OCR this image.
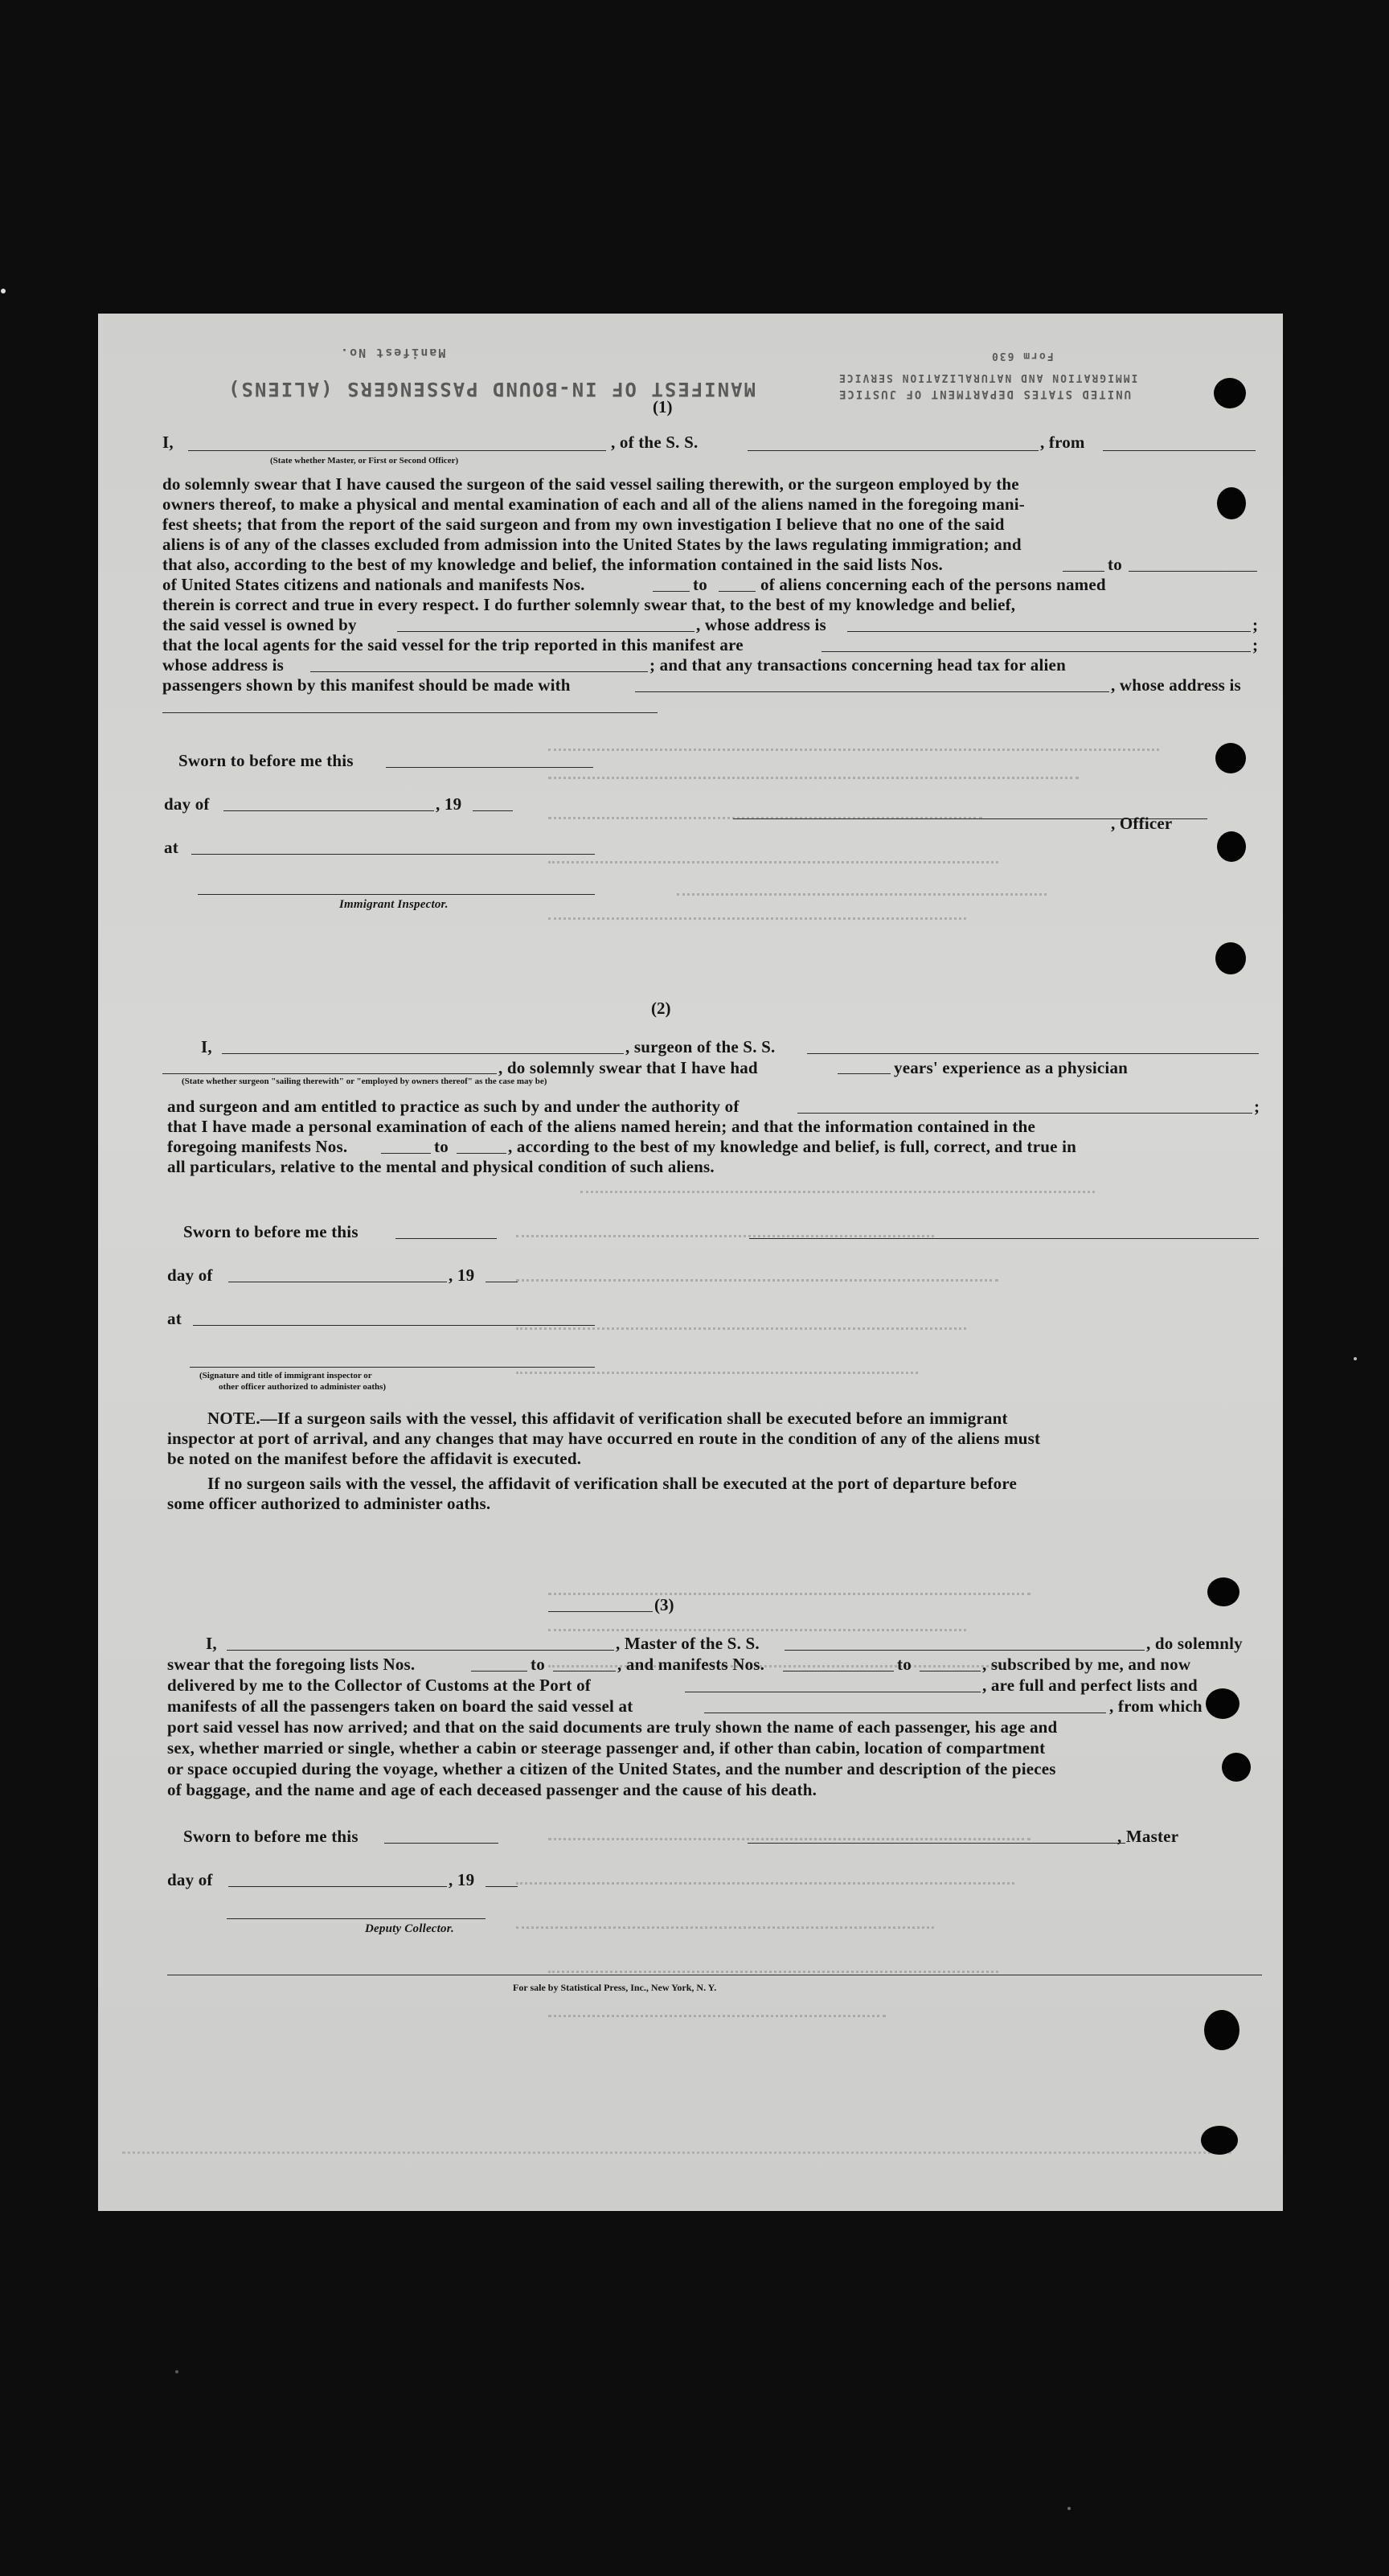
MANIFEST OF IN-BOUND PASSENGERS (ALIENS)
Manifest No.
UNITED STATES DEPARTMENT OF JUSTICE
IMMIGRATION AND NATURALIZATION SERVICE
Form 630
(1)
I,	, of the S. S.	, from
(State whether Master, or First or Second Officer)
do solemnly swear that I have caused the surgeon of the said vessel sailing therewith, or the surgeon employed by the
owners thereof, to make a physical and mental examination of each and all of the aliens named in the foregoing mani-
fest sheets; that from the report of the said surgeon and from my own investigation I believe that no one of the said
aliens is of any of the classes excluded from admission into the United States by the laws regulating immigration; and
that also, according to the best of my knowledge and belief, the information contained in the said lists Nos.	to
of United States citizens and nationals and manifests Nos.	to	of aliens concerning each of the persons named
therein is correct and true in every respect. I do further solemnly swear that, to the best of my knowledge and belief,
the said vessel is owned by	, whose address is	;
that the local agents for the said vessel for the trip reported in this manifest are	;
whose address is	; and that any transactions concerning head tax for alien
passengers shown by this manifest should be made with	, whose address is
Sworn to before me this
day of	, 19
at
Immigrant Inspector.
, Officer
(2)
I,	, surgeon of the S. S.
, do solemnly swear that I have had	years' experience as a physician
(State whether surgeon "sailing therewith" or "employed by owners thereof" as the case may be)
and surgeon and am entitled to practice as such by and under the authority of	;
that I have made a personal examination of each of the aliens named herein; and that the information contained in the
foregoing manifests Nos.	to	, according to the best of my knowledge and belief, is full, correct, and true in
all particulars, relative to the mental and physical condition of such aliens.
Sworn to before me this
day of	, 19
at
(Signature and title of immigrant inspector or
other officer authorized to administer oaths)
NOTE.—If a surgeon sails with the vessel, this affidavit of verification shall be executed before an immigrant
inspector at port of arrival, and any changes that may have occurred en route in the condition of any of the aliens must
be noted on the manifest before the affidavit is executed.
If no surgeon sails with the vessel, the affidavit of verification shall be executed at the port of departure before
some officer authorized to administer oaths.
(3)
I,	, Master of the S. S.	, do solemnly
swear that the foregoing lists Nos.	to	, and manifests Nos.	to	, subscribed by me, and now
delivered by me to the Collector of Customs at the Port of	, are full and perfect lists and
manifests of all the passengers taken on board the said vessel at	, from which
port said vessel has now arrived; and that on the said documents are truly shown the name of each passenger, his age and
sex, whether married or single, whether a cabin or steerage passenger and, if other than cabin, location of compartment
or space occupied during the voyage, whether a citizen of the United States, and the number and description of the pieces
of baggage, and the name and age of each deceased passenger and the cause of his death.
Sworn to before me this	, Master
day of	, 19
Deputy Collector.
For sale by Statistical Press, Inc., New York, N. Y.
